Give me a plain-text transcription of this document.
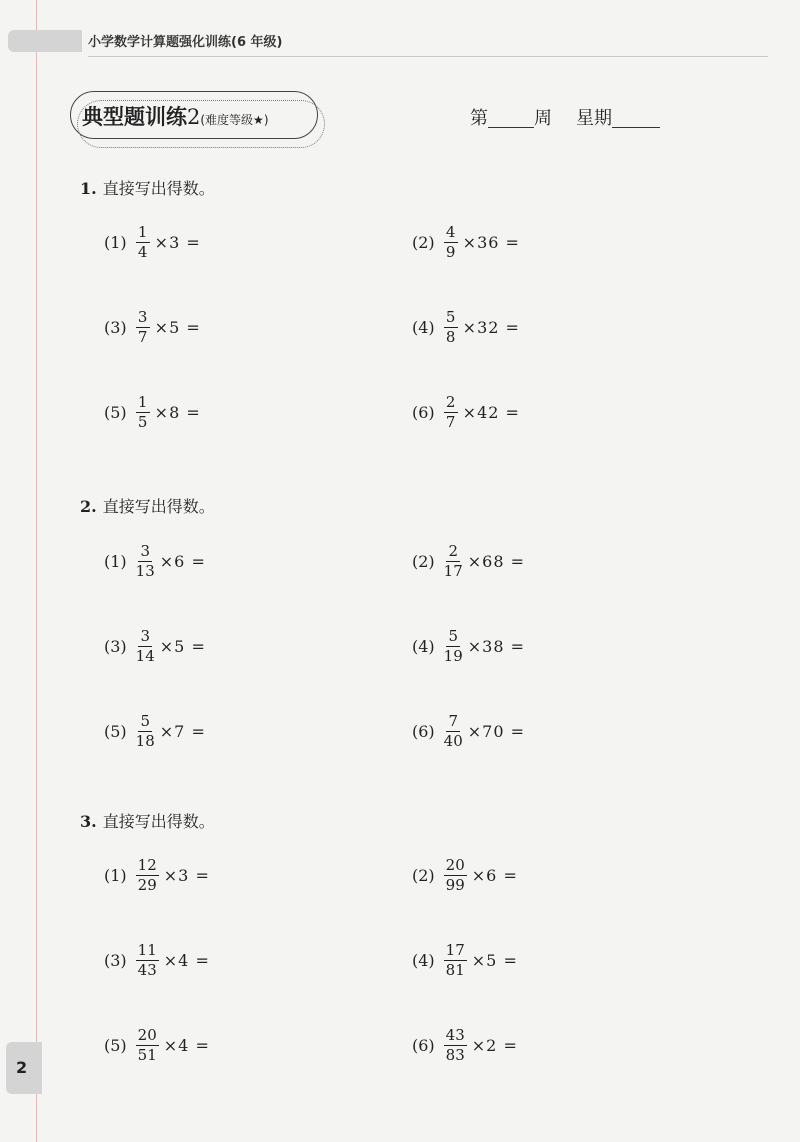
小学数学计算题强化训练(6 年级)
典型题训练2(难度等级★)	第	周 星期
1. 直接写出得数。
$(1) \frac{1}{4} \times 3$ =	$(2) \frac{4}{9} \times 36$ =
$(3) \frac{3}{7} \times 5$ =	$(4) \frac{5}{8} \times 32$ =
$(5) \frac{1}{5} \times 8$ =	$(6) \frac{2}{7} \times 42$ =
2. 直接写出得数。
$(1) \frac{3}{13} \times 6$ =	$(2) \frac{2}{17} \times 68$ =
$(3) \frac{3}{14} \times 5$ =	$(4) \frac{5}{19} \times 38$ =
$(5) \frac{5}{18} \times 7$ =	$(6) \frac{7}{40} \times 70$ =
3. 直接写出得数。
$(1) \frac{12}{29} \times 3$ =	$(2) \frac{20}{99} \times 6$ =
$(3) \frac{11}{43} \times 4$ =	$(4) \frac{17}{81} \times 5$ =
$(5) \frac{20}{51} \times 4$ =	$(6) \frac{43}{83} \times 2$ =
2
